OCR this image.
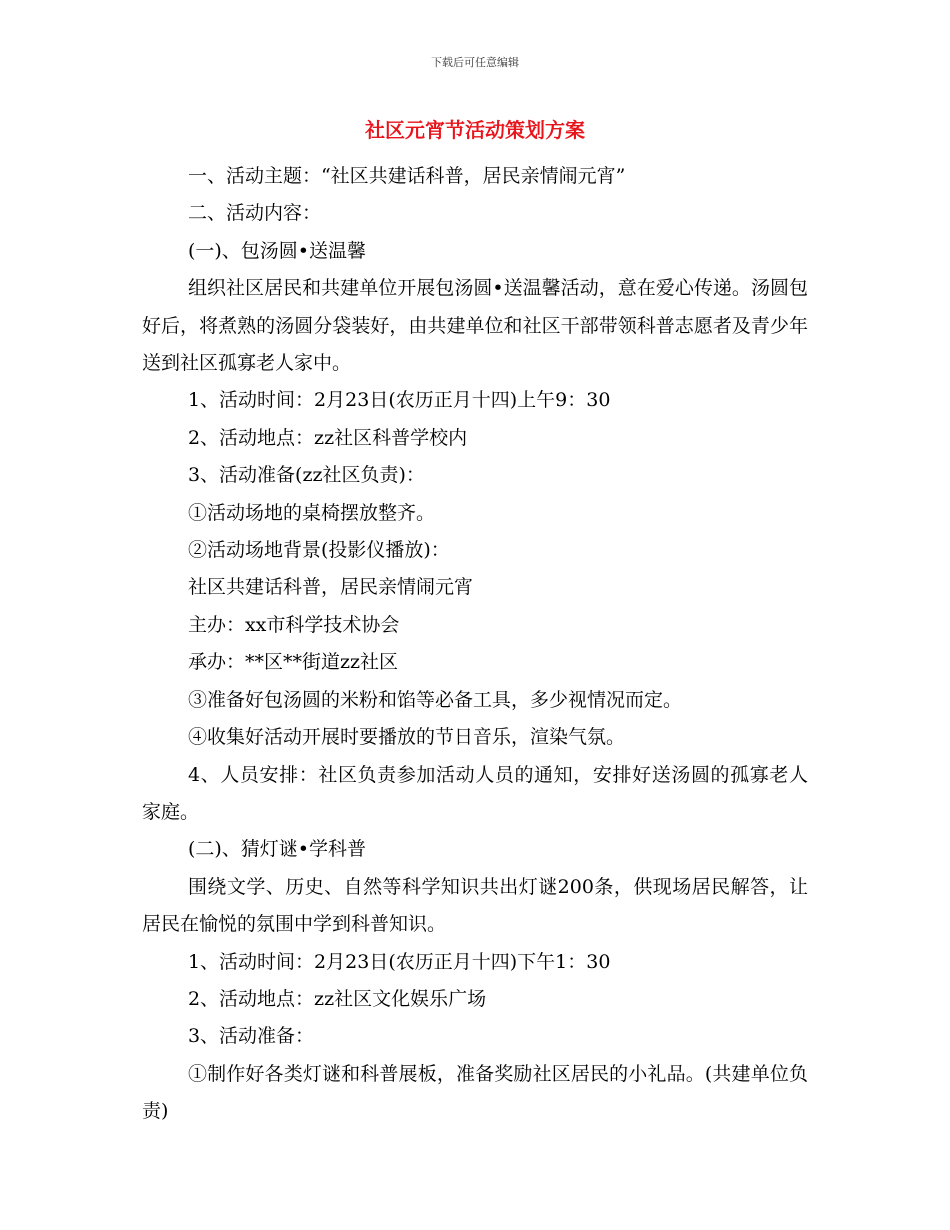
下载后可任意编辑
社区元宵节活动策划方案

一、活动主题：“社区共建话科普，居民亲情闹元宵”

二、活动内容：

(一)、包汤圆•送温馨

组织社区居民和共建单位开展包汤圆•送温馨活动，意在爱心传递。汤圆包好后，将煮熟的汤圆分袋装好，由共建单位和社区干部带领科普志愿者及青少年送到社区孤寡老人家中。

1、活动时间：2月23日(农历正月十四)上午9：30

2、活动地点：zz社区科普学校内

3、活动准备(zz社区负责)：

①活动场地的桌椅摆放整齐。

②活动场地背景(投影仪播放)：

社区共建话科普，居民亲情闹元宵

主办：xx市科学技术协会

承办：**区**街道zz社区

③准备好包汤圆的米粉和馅等必备工具，多少视情况而定。

④收集好活动开展时要播放的节日音乐，渲染气氛。

4、人员安排：社区负责参加活动人员的通知，安排好送汤圆的孤寡老人家庭。

(二)、猜灯谜•学科普

围绕文学、历史、自然等科学知识共出灯谜200条，供现场居民解答，让居民在愉悦的氛围中学到科普知识。

1、活动时间：2月23日(农历正月十四)下午1：30

2、活动地点：zz社区文化娱乐广场

3、活动准备：

①制作好各类灯谜和科普展板，准备奖励社区居民的小礼品。(共建单位负责)
